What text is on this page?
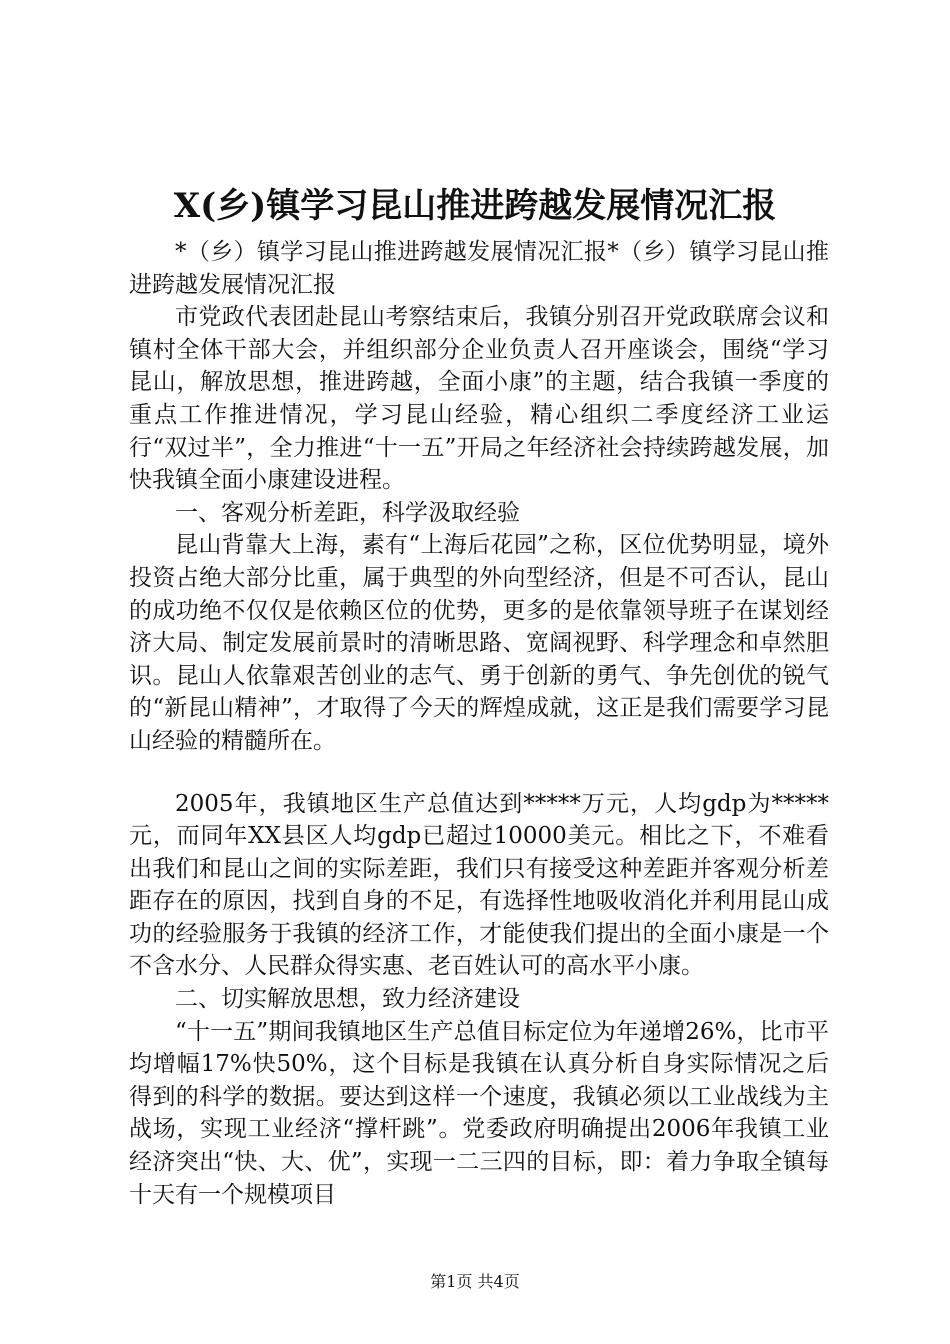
X(乡)镇学习昆山推进跨越发展情况汇报

*（乡）镇学习昆山推进跨越发展情况汇报*（乡）镇学习昆山推进跨越发展情况汇报

市党政代表团赴昆山考察结束后，我镇分别召开党政联席会议和镇村全体干部大会，并组织部分企业负责人召开座谈会，围绕“学习昆山，解放思想，推进跨越，全面小康”的主题，结合我镇一季度的重点工作推进情况，学习昆山经验，精心组织二季度经济工业运行“双过半”，全力推进“十一五”开局之年经济社会持续跨越发展，加快我镇全面小康建设进程。

一、客观分析差距，科学汲取经验

昆山背靠大上海，素有“上海后花园”之称，区位优势明显，境外投资占绝大部分比重，属于典型的外向型经济，但是不可否认，昆山的成功绝不仅仅是依赖区位的优势，更多的是依靠领导班子在谋划经济大局、制定发展前景时的清晰思路、宽阔视野、科学理念和卓然胆识。昆山人依靠艰苦创业的志气、勇于创新的勇气、争先创优的锐气的“新昆山精神”，才取得了今天的辉煌成就，这正是我们需要学习昆山经验的精髓所在。

2005年，我镇地区生产总值达到*****万元，人均gdp为*****元，而同年XX县区人均gdp已超过10000美元。相比之下，不难看出我们和昆山之间的实际差距，我们只有接受这种差距并客观分析差距存在的原因，找到自身的不足，有选择性地吸收消化并利用昆山成功的经验服务于我镇的经济工作，才能使我们提出的全面小康是一个不含水分、人民群众得实惠、老百姓认可的高水平小康。

二、切实解放思想，致力经济建设

“十一五”期间我镇地区生产总值目标定位为年递增26%，比市平均增幅17%快50%，这个目标是我镇在认真分析自身实际情况之后得到的科学的数据。要达到这样一个速度，我镇必须以工业战线为主战场，实现工业经济“撑杆跳”。党委政府明确提出2006年我镇工业经济突出“快、大、优”，实现一二三四的目标，即：着力争取全镇每十天有一个规模项目

第1页 共4页
